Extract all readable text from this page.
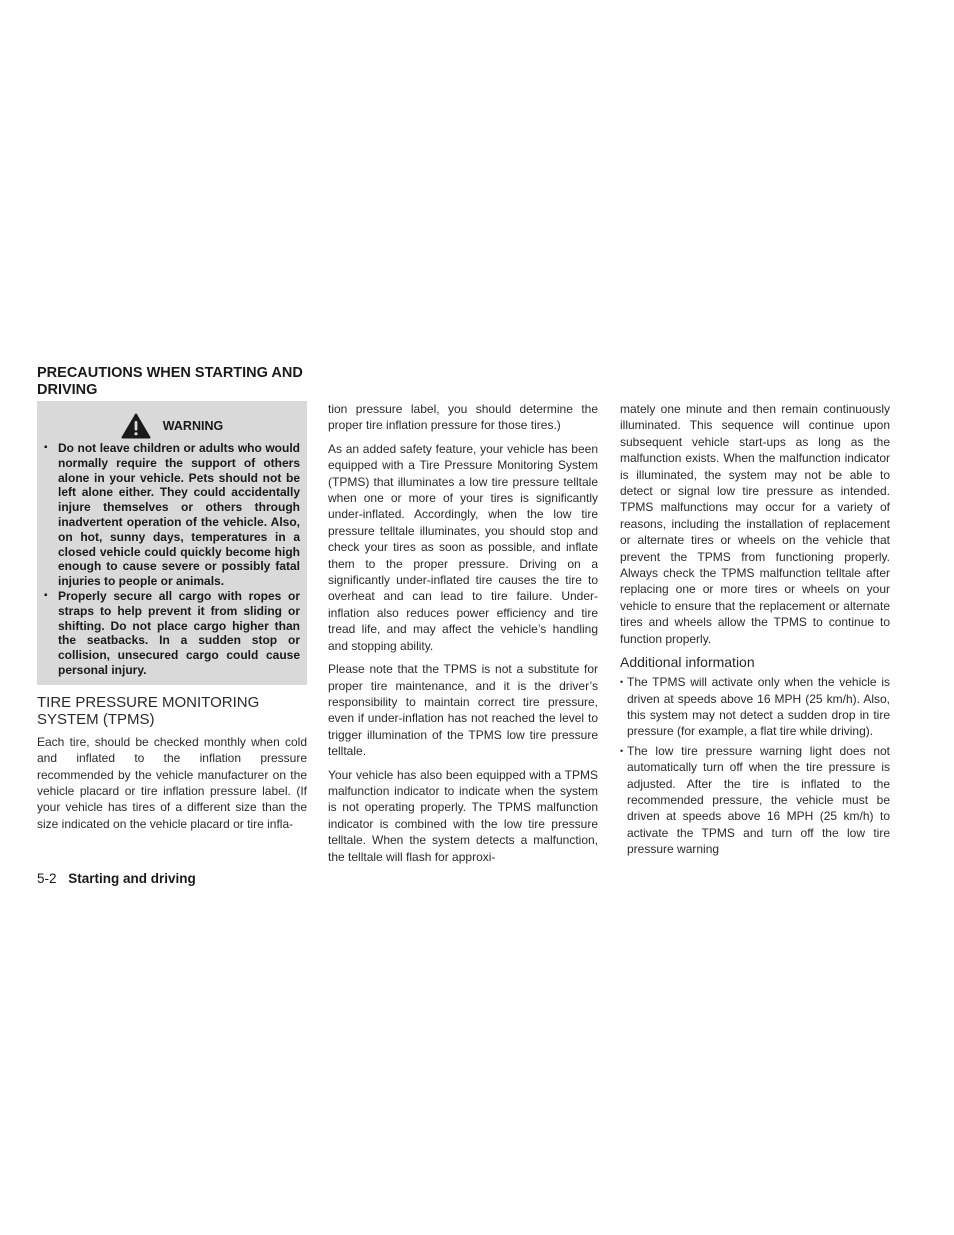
PRECAUTIONS WHEN STARTING AND DRIVING
WARNING
▪ Do not leave children or adults who would normally require the support of others alone in your vehicle. Pets should not be left alone either. They could accidentally injure themselves or others through inadvertent operation of the vehicle. Also, on hot, sunny days, temperatures in a closed vehicle could quickly become high enough to cause severe or possibly fatal injuries to people or animals.
▪ Properly secure all cargo with ropes or straps to help prevent it from sliding or shifting. Do not place cargo higher than the seatbacks. In a sudden stop or collision, unsecured cargo could cause personal injury.
TIRE PRESSURE MONITORING SYSTEM (TPMS)

Each tire, should be checked monthly when cold and inflated to the inflation pressure recommended by the vehicle manufacturer on the vehicle placard or tire inflation pressure label. (If your vehicle has tires of a different size than the size indicated on the vehicle placard or tire infla-

tion pressure label, you should determine the proper tire inflation pressure for those tires.)

As an added safety feature, your vehicle has been equipped with a Tire Pressure Monitoring System (TPMS) that illuminates a low tire pressure telltale when one or more of your tires is significantly under-inflated. Accordingly, when the low tire pressure telltale illuminates, you should stop and check your tires as soon as possible, and inflate them to the proper pressure. Driving on a significantly under-inflated tire causes the tire to overheat and can lead to tire failure. Under-inflation also reduces power efficiency and tire tread life, and may affect the vehicle’s handling and stopping ability.

Please note that the TPMS is not a substitute for proper tire maintenance, and it is the driver’s responsibility to maintain correct tire pressure, even if under-inflation has not reached the level to trigger illumination of the TPMS low tire pressure telltale.

Your vehicle has also been equipped with a TPMS malfunction indicator to indicate when the system is not operating properly. The TPMS malfunction indicator is combined with the low tire pressure telltale. When the system detects a malfunction, the telltale will flash for approxi-

mately one minute and then remain continuously illuminated. This sequence will continue upon subsequent vehicle start-ups as long as the malfunction exists. When the malfunction indicator is illuminated, the system may not be able to detect or signal low tire pressure as intended. TPMS malfunctions may occur for a variety of reasons, including the installation of replacement or alternate tires or wheels on the vehicle that prevent the TPMS from functioning properly. Always check the TPMS malfunction telltale after replacing one or more tires or wheels on your vehicle to ensure that the replacement or alternate tires and wheels allow the TPMS to continue to function properly.

Additional information
• The TPMS will activate only when the vehicle is driven at speeds above 16 MPH (25 km/h). Also, this system may not detect a sudden drop in tire pressure (for example, a flat tire while driving).
• The low tire pressure warning light does not automatically turn off when the tire pressure is adjusted. After the tire is inflated to the recommended pressure, the vehicle must be driven at speeds above 16 MPH (25 km/h) to activate the TPMS and turn off the low tire pressure warning
5-2 Starting and driving
